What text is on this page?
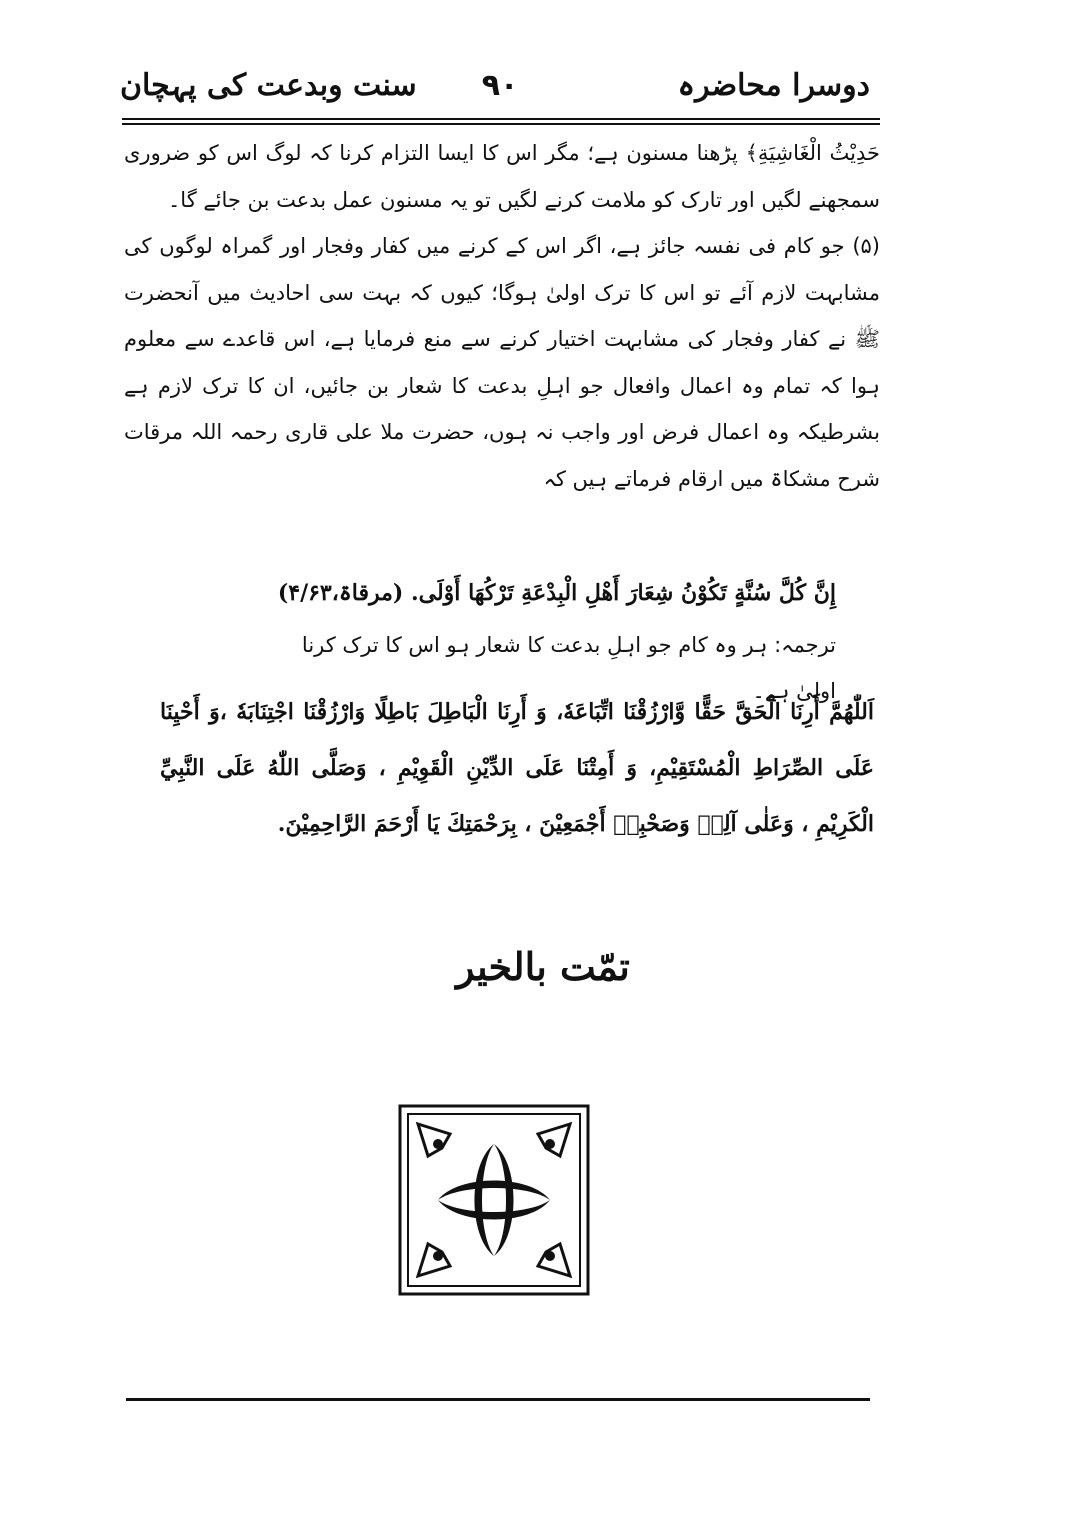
دوسرا محاضرہ
۹۰
سنت وبدعت کی پہچان

حَدِيْثُ الْغَاشِيَةِ﴾ پڑھنا مسنون ہے؛ مگر اس کا ایسا التزام کرنا کہ لوگ اس کو ضروری سمجھنے لگیں اور تارک کو ملامت کرنے لگیں تو یہ مسنون عمل بدعت بن جائے گا۔

(۵) جو کام فی نفسہ جائز ہے، اگر اس کے کرنے میں کفار وفجار اور گمراہ لوگوں کی مشابہت لازم آئے تو اس کا ترک اولیٰ ہوگا؛ کیوں کہ بہت سی احادیث میں آنحضرت ﷺ نے کفار وفجار کی مشابہت اختیار کرنے سے منع فرمایا ہے، اس قاعدے سے معلوم ہوا کہ تمام وہ اعمال وافعال جو اہلِ بدعت کا شعار بن جائیں، ان کا ترک لازم ہے بشرطیکہ وہ اعمال فرض اور واجب نہ ہوں، حضرت ملا علی قاری رحمہ اللہ مرقات شرح مشکاۃ میں ارقام فرماتے ہیں کہ

إِنَّ كُلَّ سُنَّةٍ تَكُوْنُ شِعَارَ أَهْلِ الْبِدْعَةِ تَرْكُهَا أَوْلَى. (مرقاۃ،۴/۶۳)
ترجمہ: ہر وہ کام جو اہلِ بدعت کا شعار ہو اس کا ترک کرنا اولیٰ ہے۔
اَللّٰهُمَّ أَرِنَا الْحَقَّ حَقًّا وَّارْزُقْنَا اتِّبَاعَهٗ، وَ أَرِنَا الْبَاطِلَ بَاطِلًا وَارْزُقْنَا اجْتِنَابَهٗ ،وَ أَحْيِنَا عَلَى الصِّرَاطِ الْمُسْتَقِيْمِ، وَ أَمِتْنَا عَلَى الدِّيْنِ الْقَوِيْمِ ، وَصَلَّى اللّٰهُ عَلَى النَّبِيِّ الْكَرِيْمِ ، وَعَلٰى آلِهٖ وَصَحْبِهٖ أَجْمَعِيْنَ ، بِرَحْمَتِكَ يَا أَرْحَمَ الرَّاحِمِيْنَ.
تمّت بالخير
